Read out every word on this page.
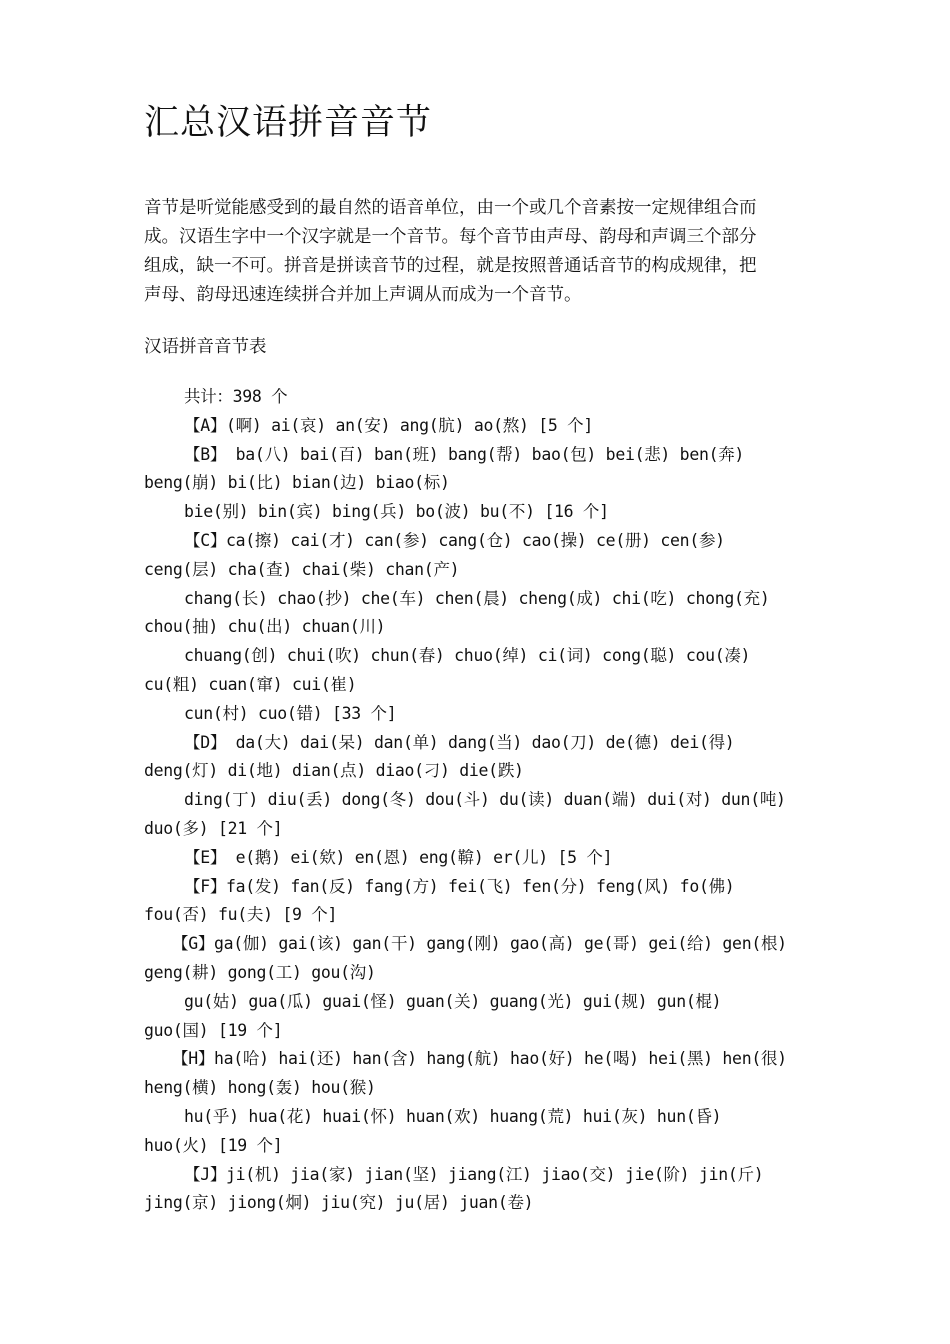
汇总汉语拼音音节

音节是听觉能感受到的最自然的语音单位，由一个或几个音素按一定规律组合而
成。汉语生字中一个汉字就是一个音节。每个音节由声母、韵母和声调三个部分
组成，缺一不可。拼音是拼读音节的过程，就是按照普通话音节的构成规律，把
声母、韵母迅速连续拼合并加上声调从而成为一个音节。

汉语拼音音节表

共计：398 个
【A】(啊) ai(哀) an(安) ang(肮) ao(熬) [5 个]
【B】 ba(八) bai(百) ban(班) bang(帮) bao(包) bei(悲) ben(奔)
beng(崩) bi(比) bian(边) biao(标)
bie(别) bin(宾) bing(兵) bo(波) bu(不) [16 个]
【C】ca(擦) cai(才) can(参) cang(仓) cao(操) ce(册) cen(参)
ceng(层) cha(查) chai(柴) chan(产)
chang(长) chao(抄) che(车) chen(晨) cheng(成) chi(吃) chong(充)
chou(抽) chu(出) chuan(川)
chuang(创) chui(吹) chun(春) chuo(绰) ci(词) cong(聪) cou(凑)
cu(粗) cuan(窜) cui(崔)
cun(村) cuo(错) [33 个]
【D】 da(大) dai(呆) dan(单) dang(当) dao(刀) de(德) dei(得)
deng(灯) di(地) dian(点) diao(刁) die(跌)
ding(丁) diu(丢) dong(冬) dou(斗) du(读) duan(端) dui(对) dun(吨)
duo(多) [21 个]
【E】 e(鹅) ei(欸) en(恩) eng(鞥) er(儿) [5 个]
【F】fa(发) fan(反) fang(方) fei(飞) fen(分) feng(风) fo(佛)
fou(否) fu(夫) [9 个]
【G】ga(伽) gai(该) gan(干) gang(刚) gao(高) ge(哥) gei(给) gen(根)
geng(耕) gong(工) gou(沟)
gu(姑) gua(瓜) guai(怪) guan(关) guang(光) gui(规) gun(棍)
guo(国) [19 个]
【H】ha(哈) hai(还) han(含) hang(航) hao(好) he(喝) hei(黑) hen(很)
heng(横) hong(轰) hou(猴)
hu(乎) hua(花) huai(怀) huan(欢) huang(荒) hui(灰) hun(昏)
huo(火) [19 个]
【J】ji(机) jia(家) jian(坚) jiang(江) jiao(交) jie(阶) jin(斤)
jing(京) jiong(炯) jiu(究) ju(居) juan(卷)
